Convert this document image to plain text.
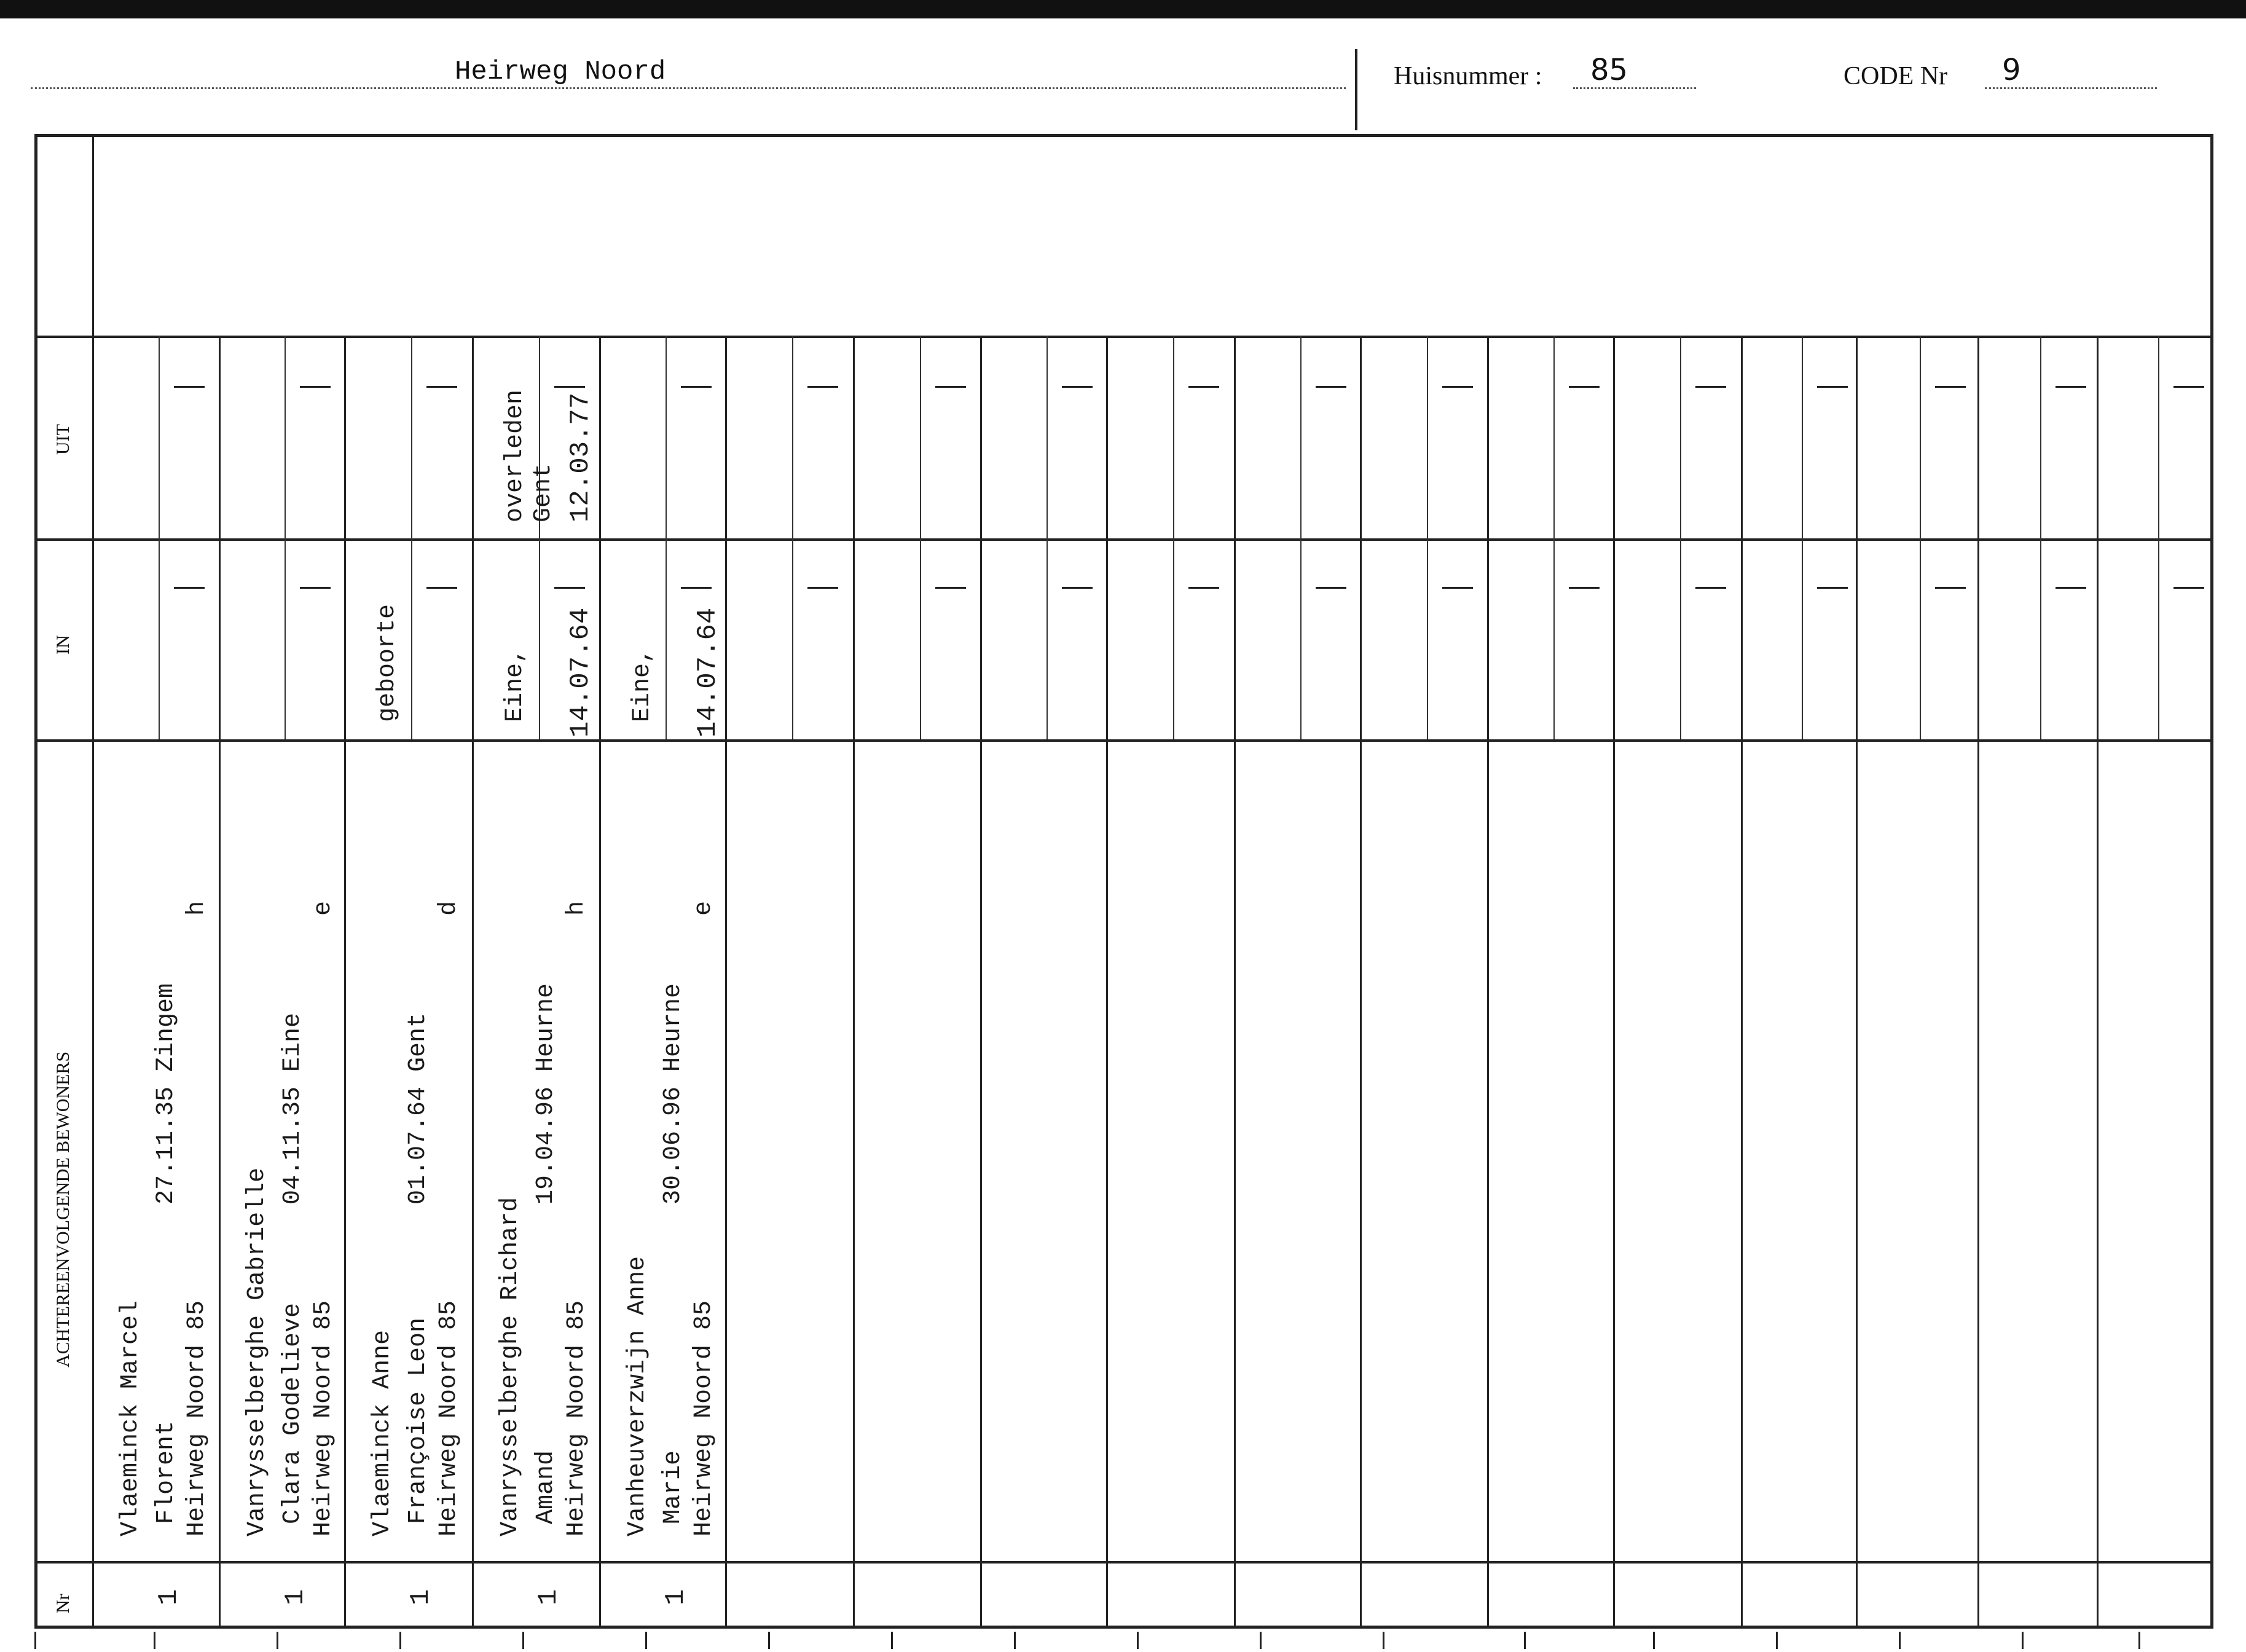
Heirweg Noord	Huisnummer : 85	CODE Nr 9
UIT
IN
ACHTEREENVOLGENDE BEWONERS
Nr
Vlaeminck Marcel Florent
27.11.35 Zingem
Heirweg Noord 85
h
1
Vanrysselberghe Gabrielle Clara Godelieve
04.11.35 Eine
Heirweg Noord 85
e
1
Vlaeminck Anne Françoise Leon
01.07.64 Gent
Heirweg Noord 85
d
1
geboorte
Vanrysselberghe Richard Amand
19.04.96 Heurne
Heirweg Noord 85
h
1
Eine, 14.07.64
overleden
Gent 12.03.77
Vanheuverzwijn Anne Marie
30.06.96 Heurne
Heirweg Noord 85
e
1
Eine, 14.07.64
